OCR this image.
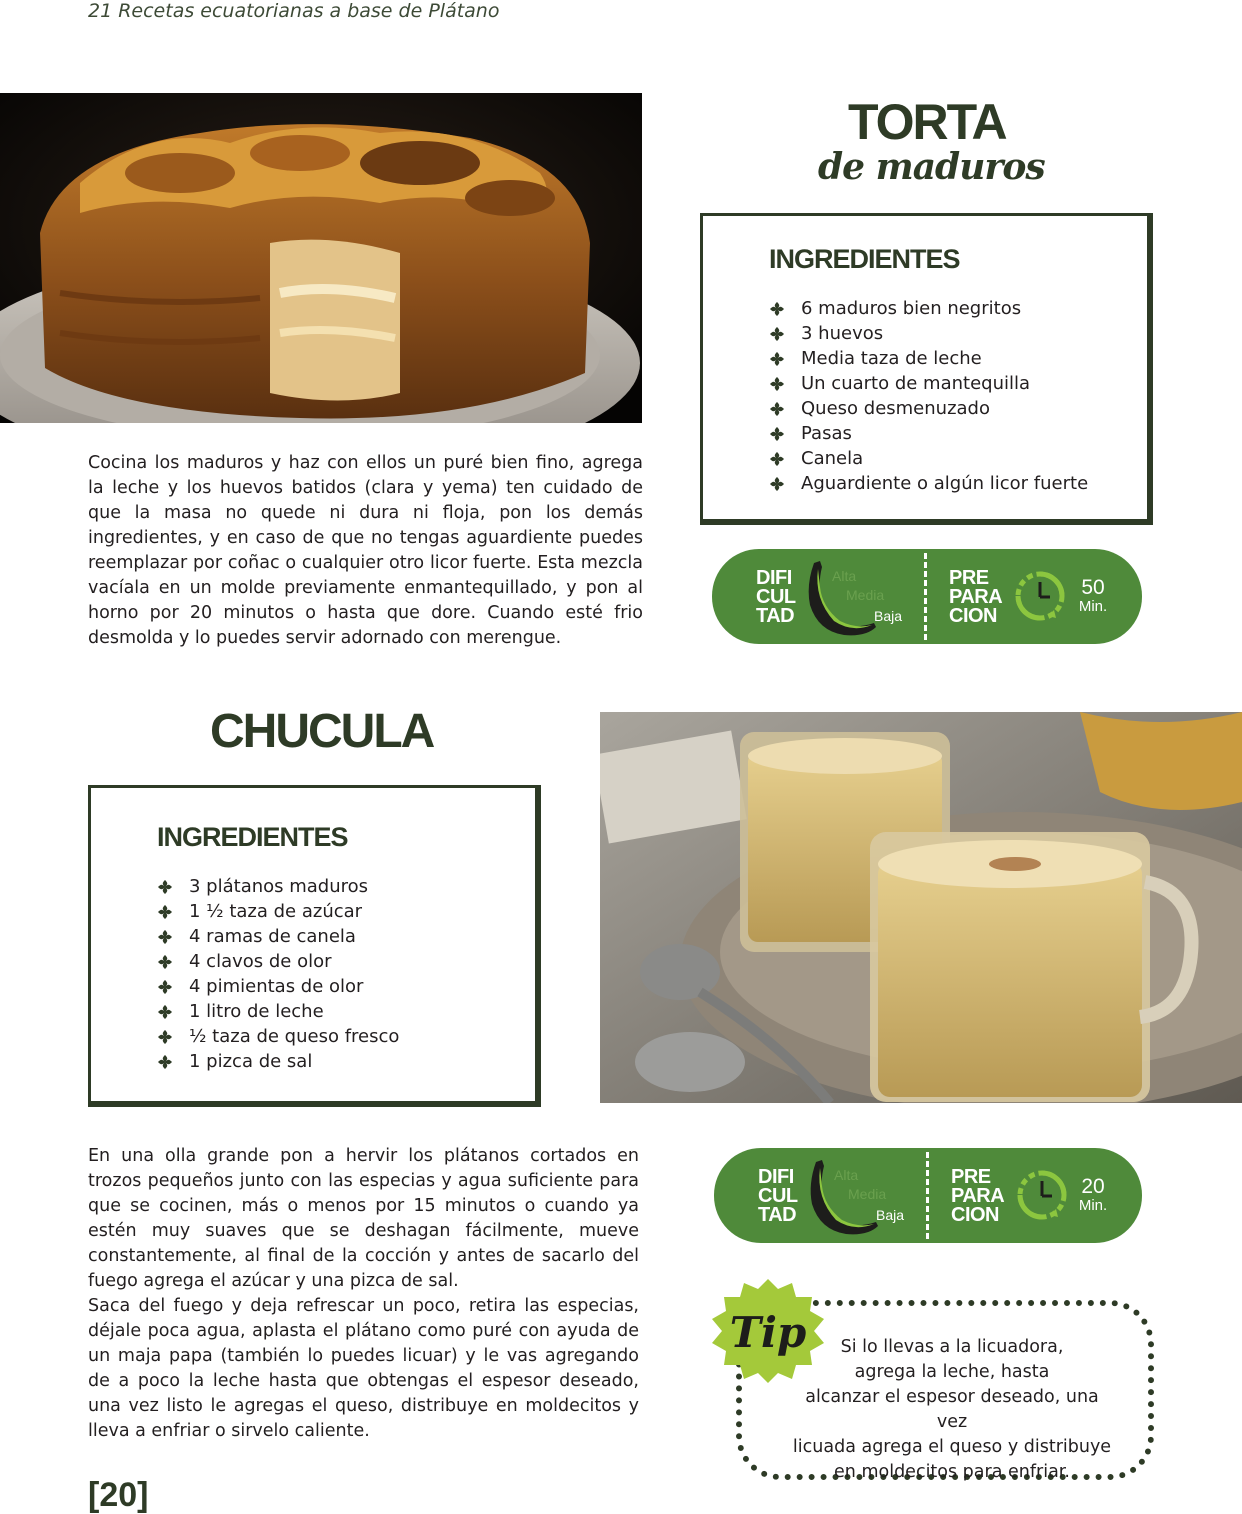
21 Recetas ecuatorianas a base de Plátano
TORTA
de maduros
INGREDIENTES
6 maduros bien negritos
3 huevos
Media taza de leche
Un cuarto de mantequilla
Queso desmenuzado
Pasas
Canela
Aguardiente o algún licor fuerte

Cocina los maduros y haz con ellos un puré bien fino, agrega la leche y los huevos batidos (clara y yema) ten cuidado de que la masa no quede ni dura ni floja, pon los demás ingredientes, y en caso de que no tengas aguardiente puedes reemplazar por coñac o cualquier otro licor fuerte. Esta mezcla vacíala en un molde previamente enmantequillado, y pon al horno por 20 minutos o hasta que dore. Cuando esté frio desmolda y lo puedes servir adornado con merengue.

DIFI
CUL
TAD
Alta
Media
Baja
PRE
PARA
CION
50
Min.
CHUCULA
INGREDIENTES
3 plátanos maduros
1 ½ taza de azúcar
4 ramas de canela
4 clavos de olor
4 pimientas de olor
1 litro de leche
½ taza de queso fresco
1 pizca de sal

En una olla grande pon a hervir los plátanos cortados en trozos pequeños junto con las especias y agua suficiente para que se cocinen, más o menos por 15 minutos o cuando ya estén muy suaves que se deshagan fácilmente, mueve constantemente, al final de la cocción y antes de sacarlo del fuego agrega el azúcar y una pizca de sal.

Saca del fuego y deja refrescar un poco, retira las especias, déjale poca agua, aplasta el plátano como puré con ayuda de un maja papa (también lo puedes licuar) y le vas agregando de a poco la leche hasta que obtengas el espesor deseado, una vez listo le agregas el queso, distribuye en moldecitos y lleva a enfriar o sirvelo caliente.

DIFI
CUL
TAD
Alta
Media
Baja
PRE
PARA
CION
20
Min.
Tip	Si lo llevas a la licuadora,
agrega la leche, hasta
alcanzar el espesor deseado, una vez
licuada agrega el queso y distribuye
en moldecitos para enfriar.
[20]
